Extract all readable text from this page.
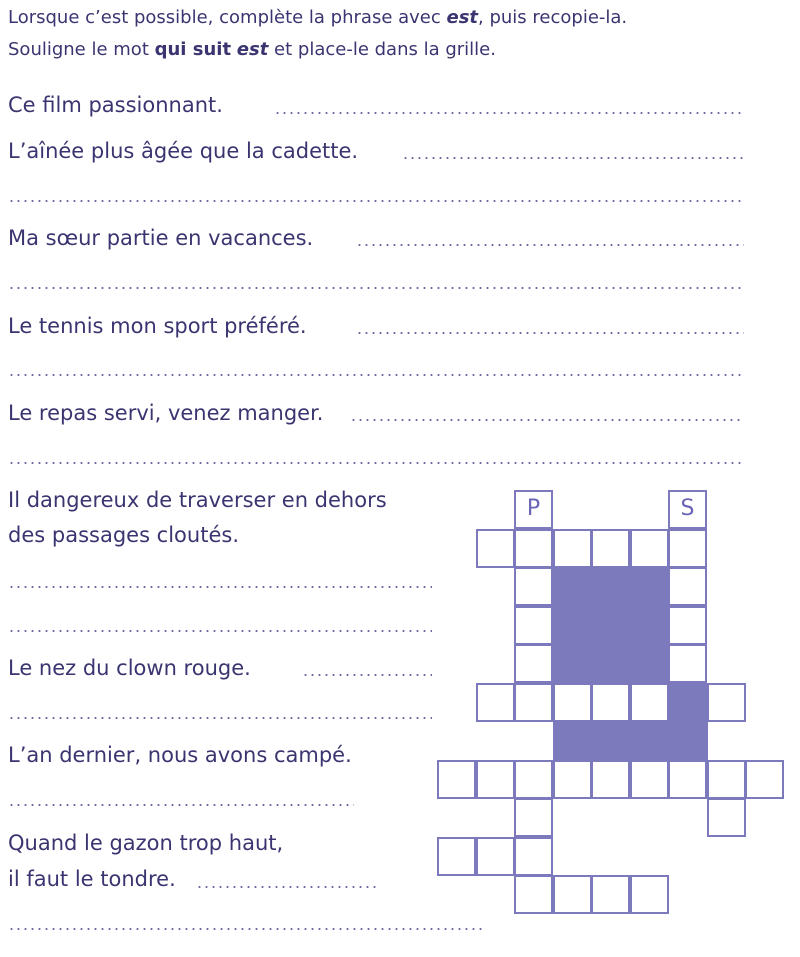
Lorsque c’est possible, complète la phrase avec est, puis recopie-la.
Souligne le mot qui suit est et place-le dans la grille.
Ce film passionnant.
L’aînée plus âgée que la cadette.
Ma sœur partie en vacances.
Le tennis mon sport préféré.
Le repas servi, venez manger.
Il dangereux de traverser en dehors
des passages cloutés.
Le nez du clown rouge.
L’an dernier, nous avons campé.
Quand le gazon trop haut,
il faut le tondre.
P	S
